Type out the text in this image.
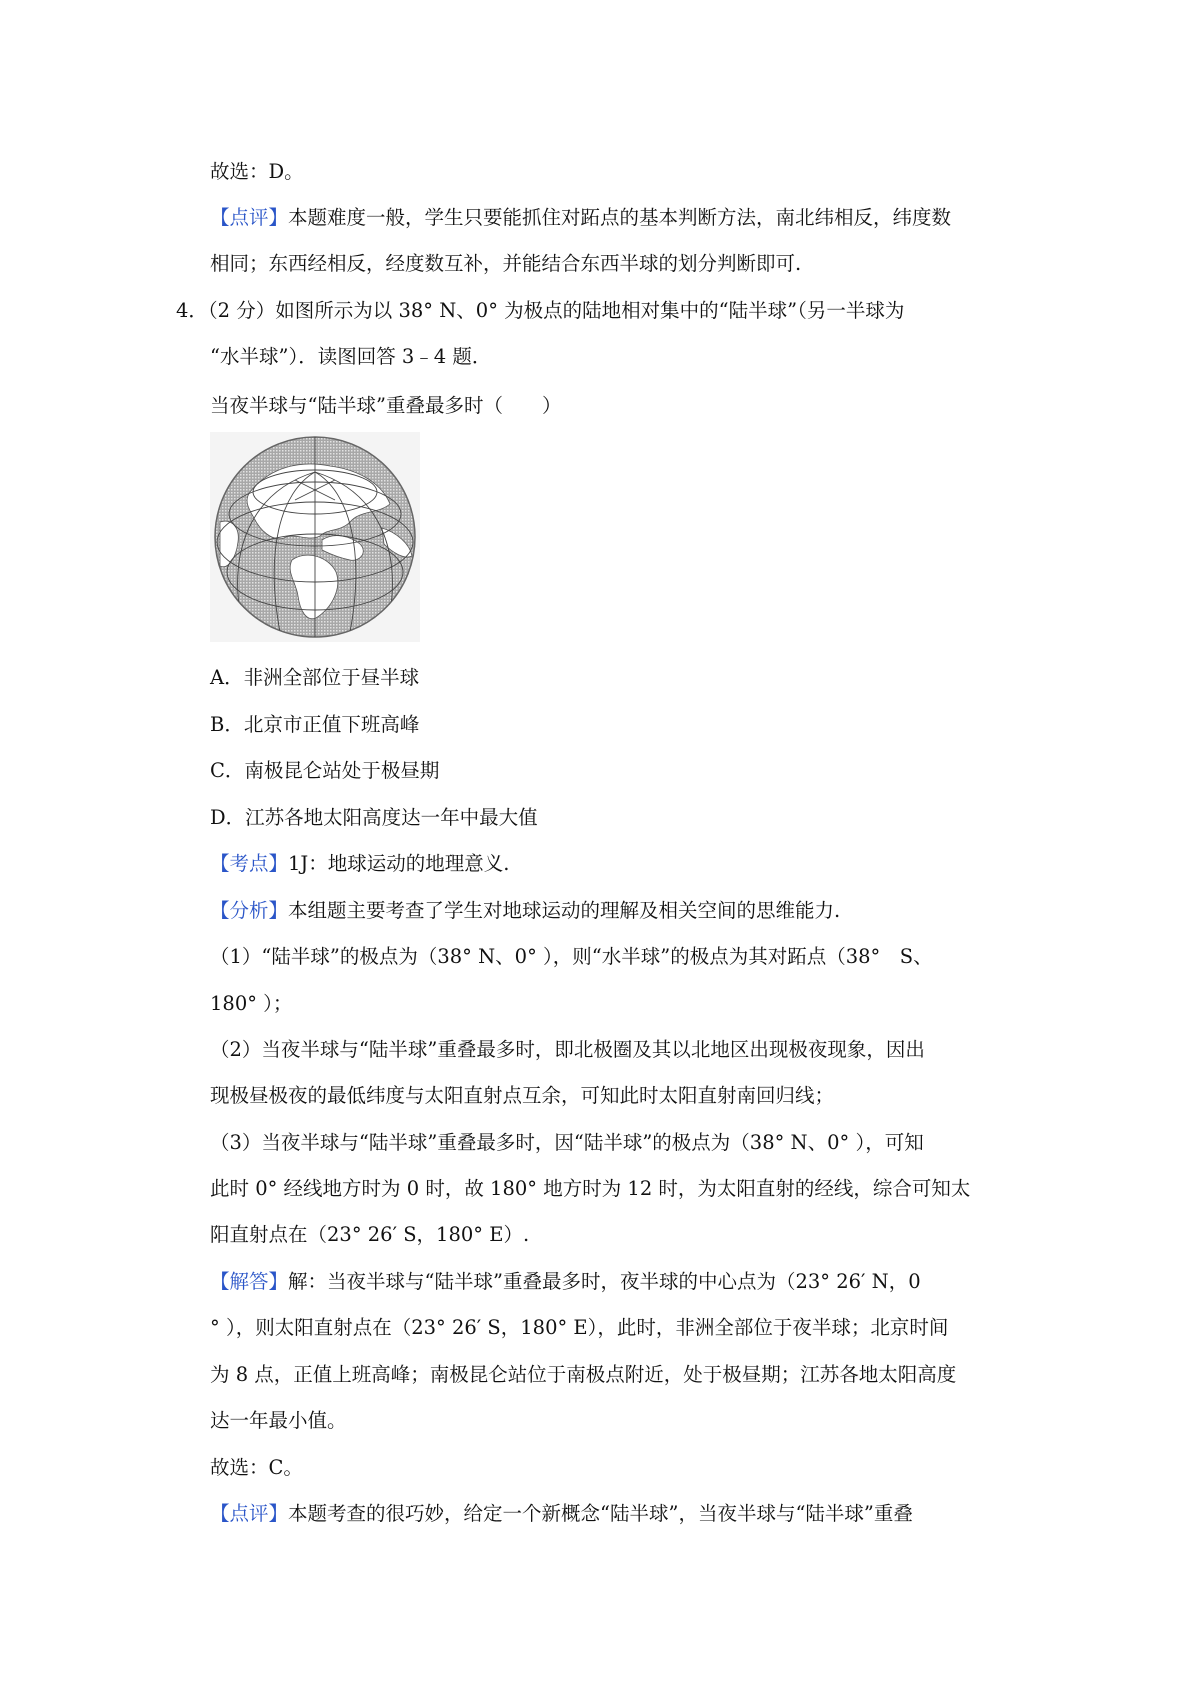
故选：D。
【点评】本题难度一般，学生只要能抓住对跖点的基本判断方法，南北纬相反，纬度数
相同；东西经相反，经度数互补，并能结合东西半球的划分判断即可.
4．（2 分）如图所示为以 38° N、0° 为极点的陆地相对集中的“陆半球”（另一半球为
“水半球”）．读图回答 3﹣4 题．
当夜半球与“陆半球”重叠最多时（　　）
A．非洲全部位于昼半球
B．北京市正值下班高峰
C．南极昆仑站处于极昼期
D．江苏各地太阳高度达一年中最大值
【考点】1J：地球运动的地理意义.
【分析】本组题主要考查了学生对地球运动的理解及相关空间的思维能力.
（1）“陆半球”的极点为（38° N、0° ），则“水半球”的极点为其对跖点（38°　S、
180° ）；
（2）当夜半球与“陆半球”重叠最多时，即北极圈及其以北地区出现极夜现象，因出
现极昼极夜的最低纬度与太阳直射点互余，可知此时太阳直射南回归线；
（3）当夜半球与“陆半球”重叠最多时，因“陆半球”的极点为（38° N、0° ），可知
此时 0° 经线地方时为 0 时，故 180° 地方时为 12 时，为太阳直射的经线，综合可知太
阳直射点在（23° 26′ S，180° E）.
【解答】解：当夜半球与“陆半球”重叠最多时，夜半球的中心点为（23° 26′ N，0
° ），则太阳直射点在（23° 26′ S，180° E），此时，非洲全部位于夜半球；北京时间
为 8 点，正值上班高峰；南极昆仑站位于南极点附近，处于极昼期；江苏各地太阳高度
达一年最小值。
故选：C。
【点评】本题考查的很巧妙，给定一个新概念“陆半球”，当夜半球与“陆半球”重叠
